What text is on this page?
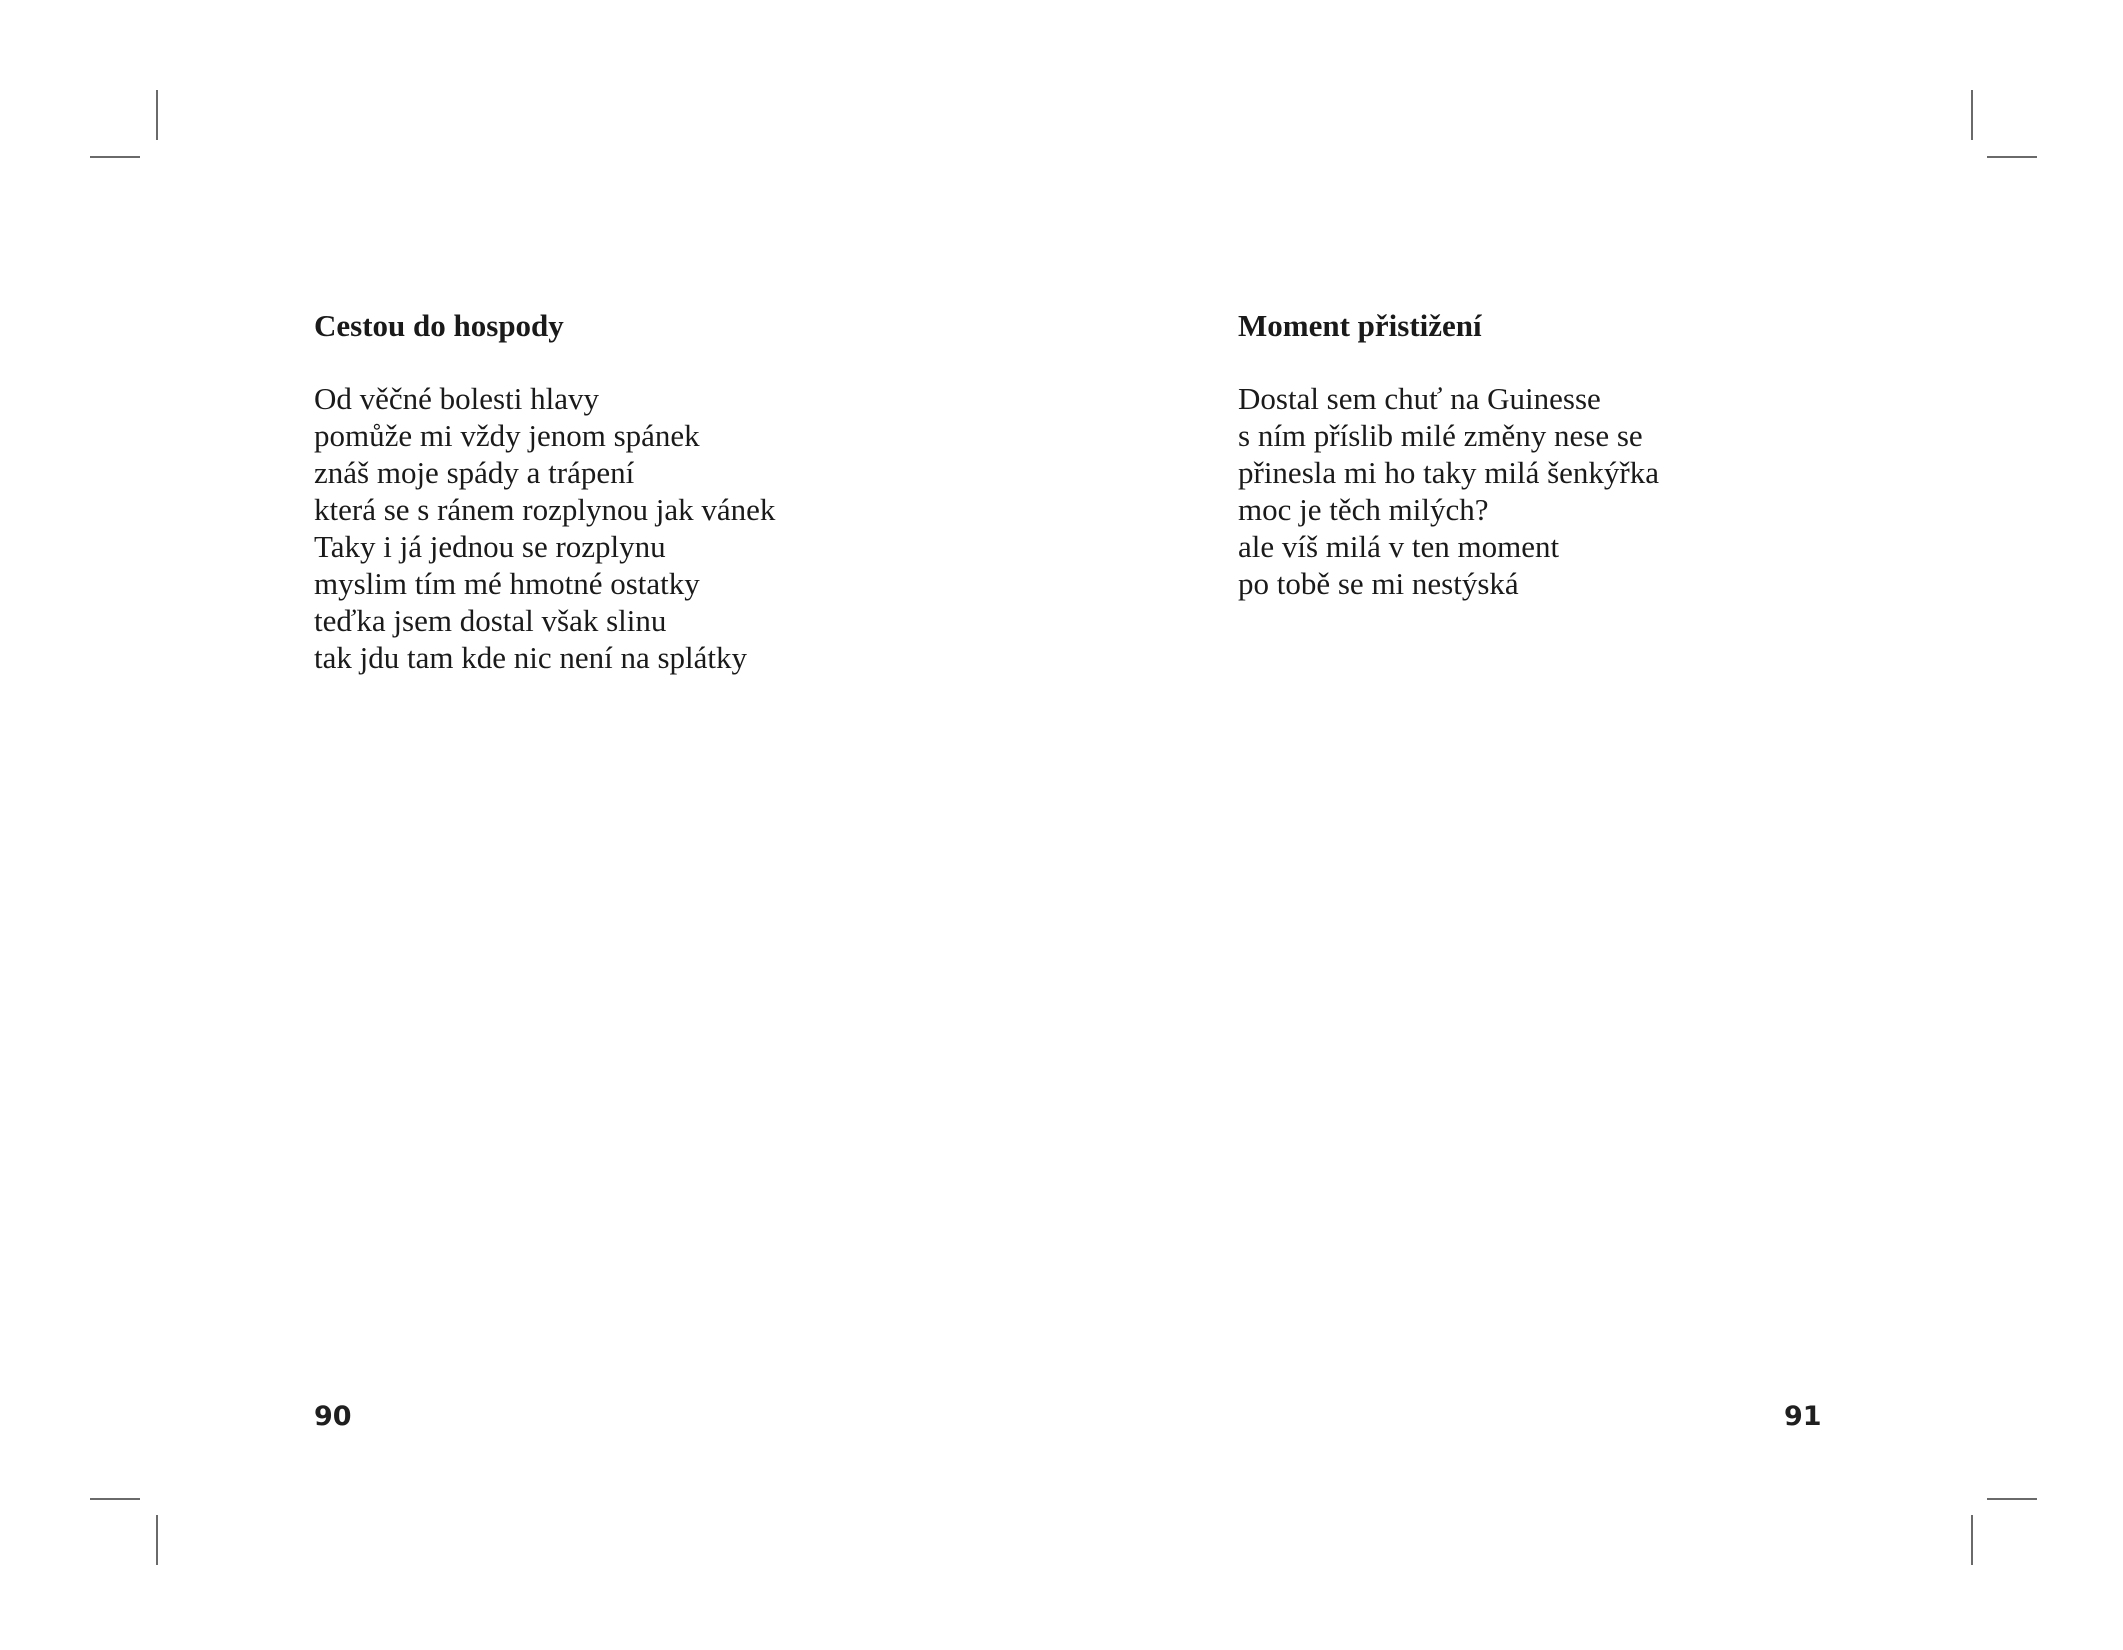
Cestou do hospody
Od věčné bolesti hlavy
pomůže mi vždy jenom spánek
znáš moje spády a trápení
která se s ránem rozplynou jak vánek
Taky i já jednou se rozplynu
myslim tím mé hmotné ostatky
teďka jsem dostal však slinu
tak jdu tam kde nic není na splátky
90
Moment přistižení
Dostal sem chuť na Guinesse
s ním příslib milé změny nese se
přinesla mi ho taky milá šenkýřka
moc je těch milých?
ale víš milá v ten moment
po tobě se mi nestýská
91
